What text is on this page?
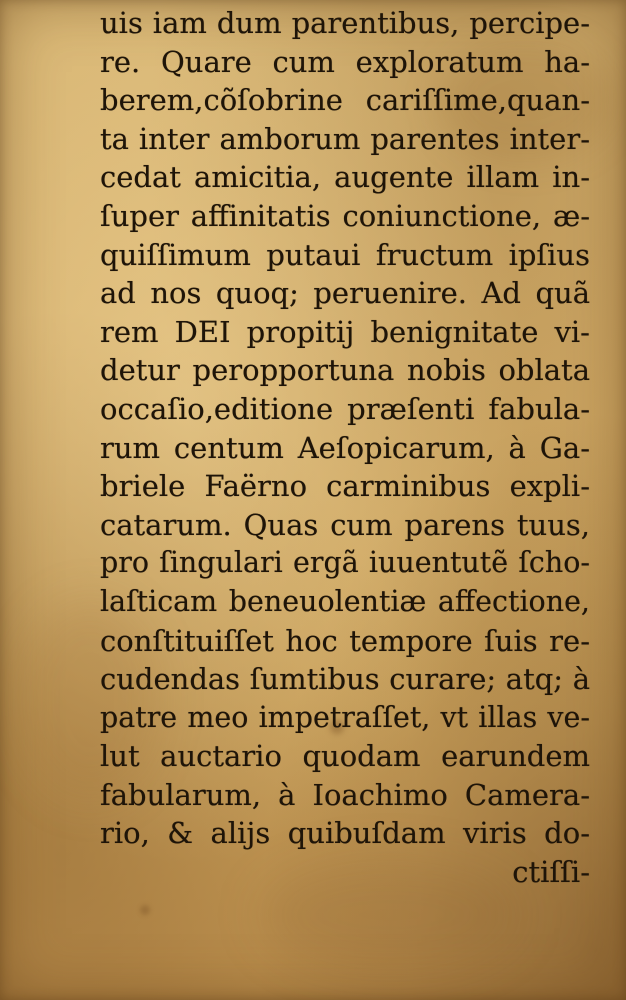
uis iam dum parentibus, percipe-
re. Quare cum exploratum ha-
berem,cõſobrine cariſſime,quan-
ta inter amborum parentes inter-
cedat amicitia, augente illam in-
ſuper affinitatis coniunctione, æ-
quiſſimum putaui fructum ipſius
ad nos quoq; peruenire. Ad quã
rem DEI propitij benignitate vi-
detur peropportuna nobis oblata
occaſio,editione præſenti fabula-
rum centum Aeſopicarum, à Ga-
briele Faërno carminibus expli-
catarum. Quas cum parens tuus,
pro ſingulari ergã iuuentutẽ ſcho-
laſticam beneuolentiæ affectione,
conſtituiſſet hoc tempore ſuis re-
cudendas ſumtibus curare; atq; à
patre meo impetraſſet, vt illas ve-
lut auctario quodam earundem
fabularum, à Ioachimo Camera-
rio, & alijs quibuſdam viris do-
ctiſſi-
